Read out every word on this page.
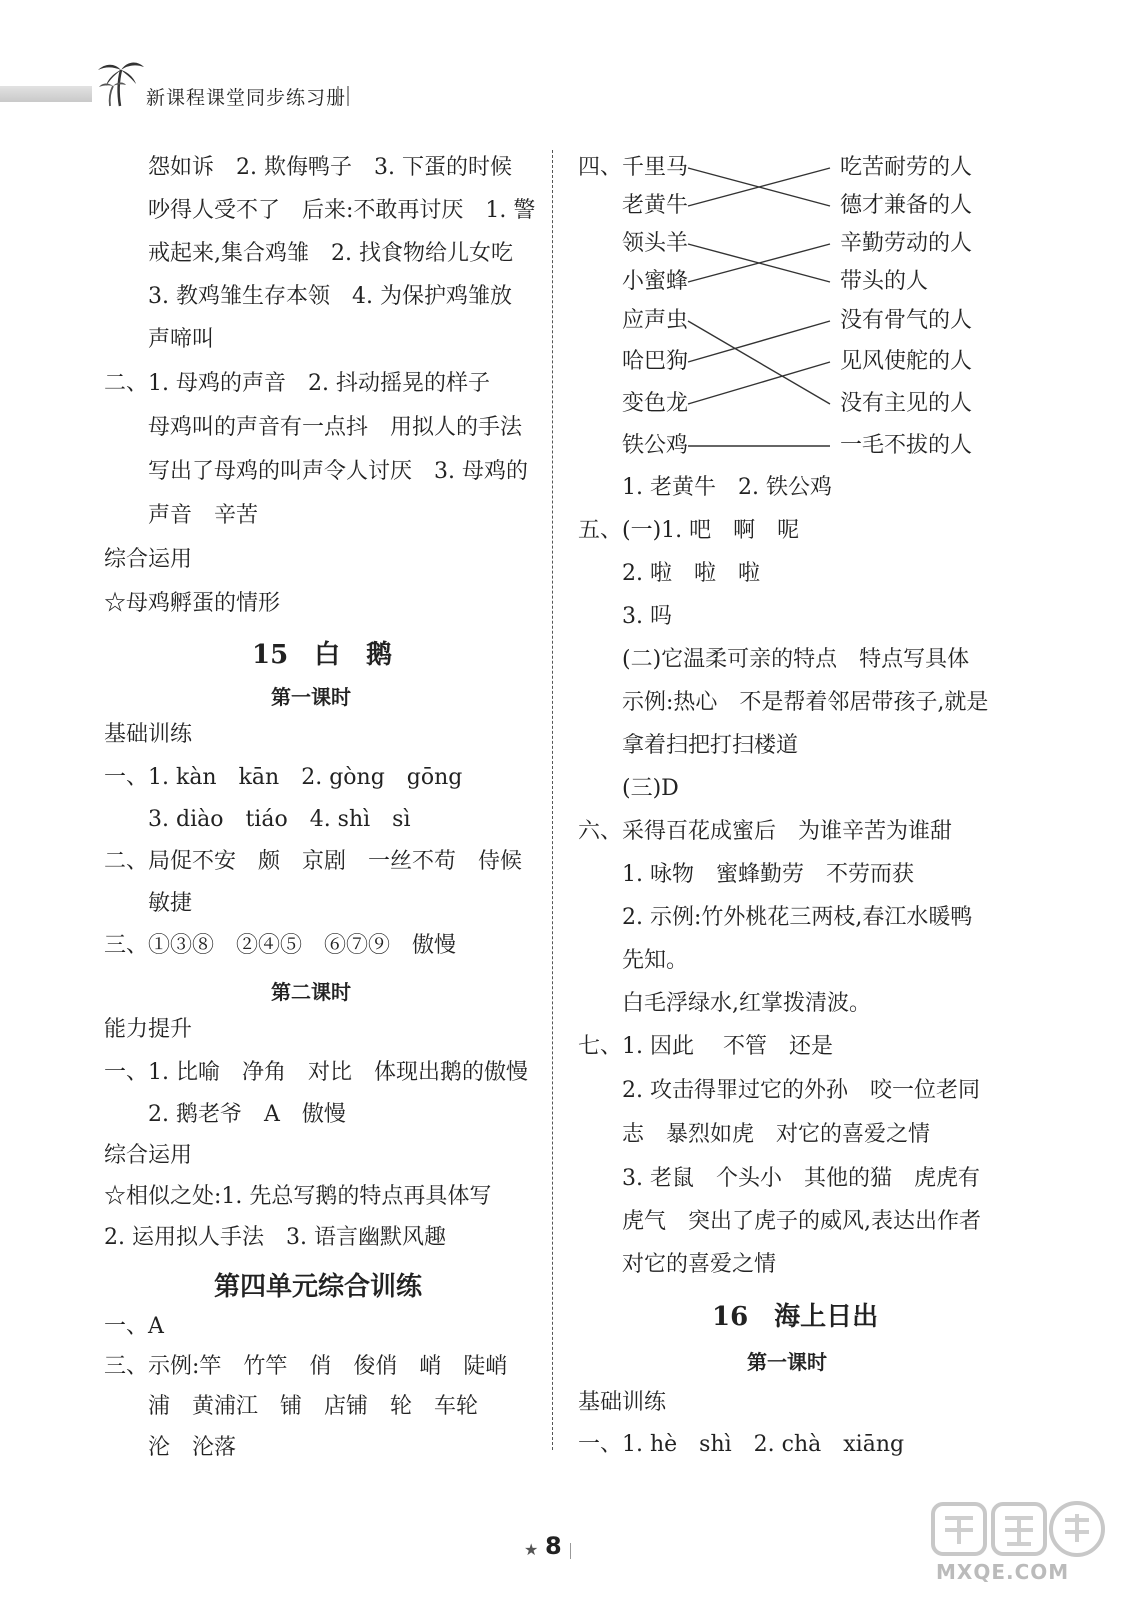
新课程课堂同步练习册
怨如诉　2. 欺侮鸭子　3. 下蛋的时候
吵得人受不了　后来:不敢再讨厌　1. 警
戒起来,集合鸡雏　2. 找食物给儿女吃
3. 教鸡雏生存本领　4. 为保护鸡雏放
声啼叫
二、1. 母鸡的声音　2. 抖动摇晃的样子
母鸡叫的声音有一点抖　用拟人的手法
写出了母鸡的叫声令人讨厌　3. 母鸡的
声音　辛苦
综合运用
☆母鸡孵蛋的情形
15　白　鹅
第一课时
基础训练
一、1. kàn　kān　2. gòng　gōng
3. diào　tiáo　4. shì　sì
二、局促不安　颇　京剧　一丝不苟　侍候
敏捷
三、①③⑧　②④⑤　⑥⑦⑨　傲慢
第二课时
能力提升
一、1. 比喻　净角　对比　体现出鹅的傲慢
2. 鹅老爷　A　傲慢
综合运用
☆相似之处:1. 先总写鹅的特点再具体写
2. 运用拟人手法　3. 语言幽默风趣
第四单元综合训练
一、A
三、示例:竿　竹竿　俏　俊俏　峭　陡峭
浦　黄浦江　铺　店铺　轮　车轮
沦　沦落
四、千里马
老黄牛
领头羊
小蜜蜂
应声虫
哈巴狗
变色龙
铁公鸡
吃苦耐劳的人
德才兼备的人
辛勤劳动的人
带头的人
没有骨气的人
见风使舵的人
没有主见的人
一毛不拔的人
1. 老黄牛　2. 铁公鸡
五、(一)1. 吧　啊　呢
2. 啦　啦　啦
3. 吗
(二)它温柔可亲的特点　特点写具体
示例:热心　不是帮着邻居带孩子,就是
拿着扫把打扫楼道
(三)D
六、采得百花成蜜后　为谁辛苦为谁甜
1. 咏物　蜜蜂勤劳　不劳而获
2. 示例:竹外桃花三两枝,春江水暖鸭
先知。
白毛浮绿水,红掌拨清波。
七、1. 因此　 不管　还是
2. 攻击得罪过它的外孙　咬一位老同
志　暴烈如虎　对它的喜爱之情
3. 老鼠　个头小　其他的猫　虎虎有
虎气　突出了虎子的威风,表达出作者
对它的喜爱之情
16　海上日出
第一课时
基础训练
一、1. hè　shì　2. chà　xiāng
★ 8
MXQE.COM
